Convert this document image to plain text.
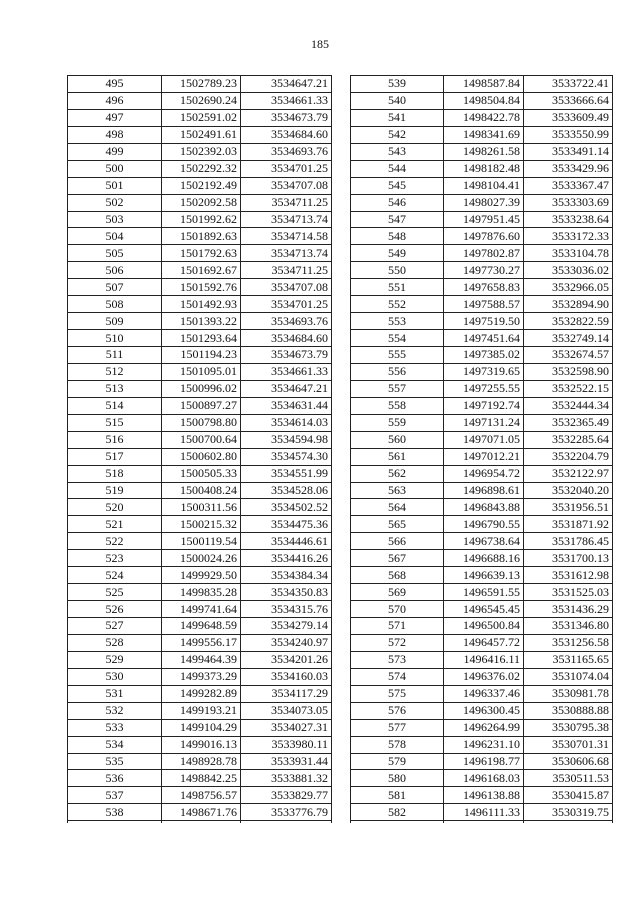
185
495	1502789.23	3534647.21
496	1502690.24	3534661.33
497	1502591.02	3534673.79
498	1502491.61	3534684.60
499	1502392.03	3534693.76
500	1502292.32	3534701.25
501	1502192.49	3534707.08
502	1502092.58	3534711.25
503	1501992.62	3534713.74
504	1501892.63	3534714.58
505	1501792.63	3534713.74
506	1501692.67	3534711.25
507	1501592.76	3534707.08
508	1501492.93	3534701.25
509	1501393.22	3534693.76
510	1501293.64	3534684.60
511	1501194.23	3534673.79
512	1501095.01	3534661.33
513	1500996.02	3534647.21
514	1500897.27	3534631.44
515	1500798.80	3534614.03
516	1500700.64	3534594.98
517	1500602.80	3534574.30
518	1500505.33	3534551.99
519	1500408.24	3534528.06
520	1500311.56	3534502.52
521	1500215.32	3534475.36
522	1500119.54	3534446.61
523	1500024.26	3534416.26
524	1499929.50	3534384.34
525	1499835.28	3534350.83
526	1499741.64	3534315.76
527	1499648.59	3534279.14
528	1499556.17	3534240.97
529	1499464.39	3534201.26
530	1499373.29	3534160.03
531	1499282.89	3534117.29
532	1499193.21	3534073.05
533	1499104.29	3534027.31
534	1499016.13	3533980.11
535	1498928.78	3533931.44
536	1498842.25	3533881.32
537	1498756.57	3533829.77
538	1498671.76	3533776.79

539	1498587.84	3533722.41
540	1498504.84	3533666.64
541	1498422.78	3533609.49
542	1498341.69	3533550.99
543	1498261.58	3533491.14
544	1498182.48	3533429.96
545	1498104.41	3533367.47
546	1498027.39	3533303.69
547	1497951.45	3533238.64
548	1497876.60	3533172.33
549	1497802.87	3533104.78
550	1497730.27	3533036.02
551	1497658.83	3532966.05
552	1497588.57	3532894.90
553	1497519.50	3532822.59
554	1497451.64	3532749.14
555	1497385.02	3532674.57
556	1497319.65	3532598.90
557	1497255.55	3532522.15
558	1497192.74	3532444.34
559	1497131.24	3532365.49
560	1497071.05	3532285.64
561	1497012.21	3532204.79
562	1496954.72	3532122.97
563	1496898.61	3532040.20
564	1496843.88	3531956.51
565	1496790.55	3531871.92
566	1496738.64	3531786.45
567	1496688.16	3531700.13
568	1496639.13	3531612.98
569	1496591.55	3531525.03
570	1496545.45	3531436.29
571	1496500.84	3531346.80
572	1496457.72	3531256.58
573	1496416.11	3531165.65
574	1496376.02	3531074.04
575	1496337.46	3530981.78
576	1496300.45	3530888.88
577	1496264.99	3530795.38
578	1496231.10	3530701.31
579	1496198.77	3530606.68
580	1496168.03	3530511.53
581	1496138.88	3530415.87
582	1496111.33	3530319.75
